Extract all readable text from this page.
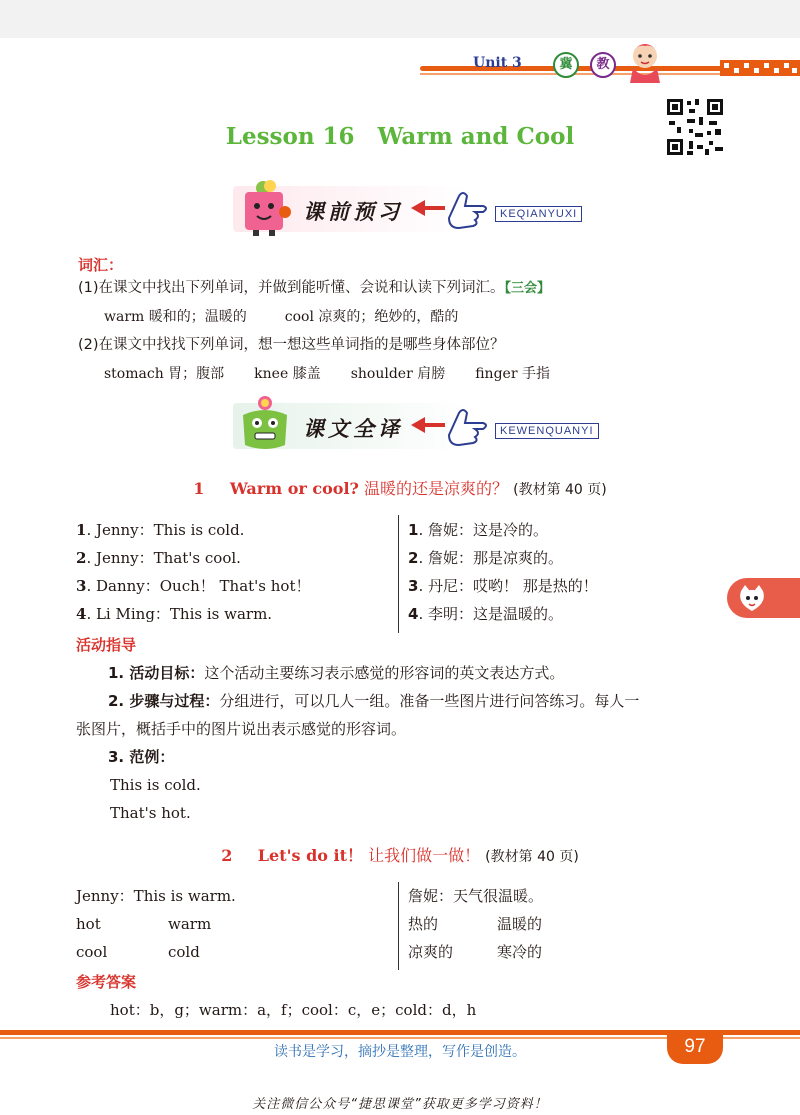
Unit 3	冀	教
Lesson 16　Warm and Cool
课前预习	KEQIANYUXI
词汇：
(1)在课文中找出下列单词，并做到能听懂、会说和认读下列词汇。【三会】
warm 暖和的；温暖的	cool 凉爽的；绝妙的，酷的
(2)在课文中找找下列单词，想一想这些单词指的是哪些身体部位？
stomach 胃；腹部 knee 膝盖 shoulder 肩膀 finger 手指
课文全译	KEWENQUANYI
1 Warm or cool? 温暖的还是凉爽的？ (教材第 40 页)
1. Jenny：This is cold.
2. Jenny：That's cool.
3. Danny：Ouch！ That's hot！
4. Li Ming：This is warm.
1. 詹妮：这是冷的。
2. 詹妮：那是凉爽的。
3. 丹尼：哎哟！ 那是热的！
4. 李明：这是温暖的。
活动指导
1. 活动目标：这个活动主要练习表示感觉的形容词的英文表达方式。
2. 步骤与过程：分组进行，可以几人一组。准备一些图片进行问答练习。每人一
张图片，概括手中的图片说出表示感觉的形容词。
3. 范例：
This is cold.
That's hot.
2 Let's do it！ 让我们做一做！ (教材第 40 页)
Jenny：This is warm.
hot	warm
cool	cold
詹妮：天气很温暖。
热的	温暖的
凉爽的	寒冷的
参考答案
hot：b，g；warm：a，f；cool：c，e；cold：d，h
读书是学习，摘抄是整理，写作是创造。	97
关注微信公众号“捷思课堂”获取更多学习资料！
